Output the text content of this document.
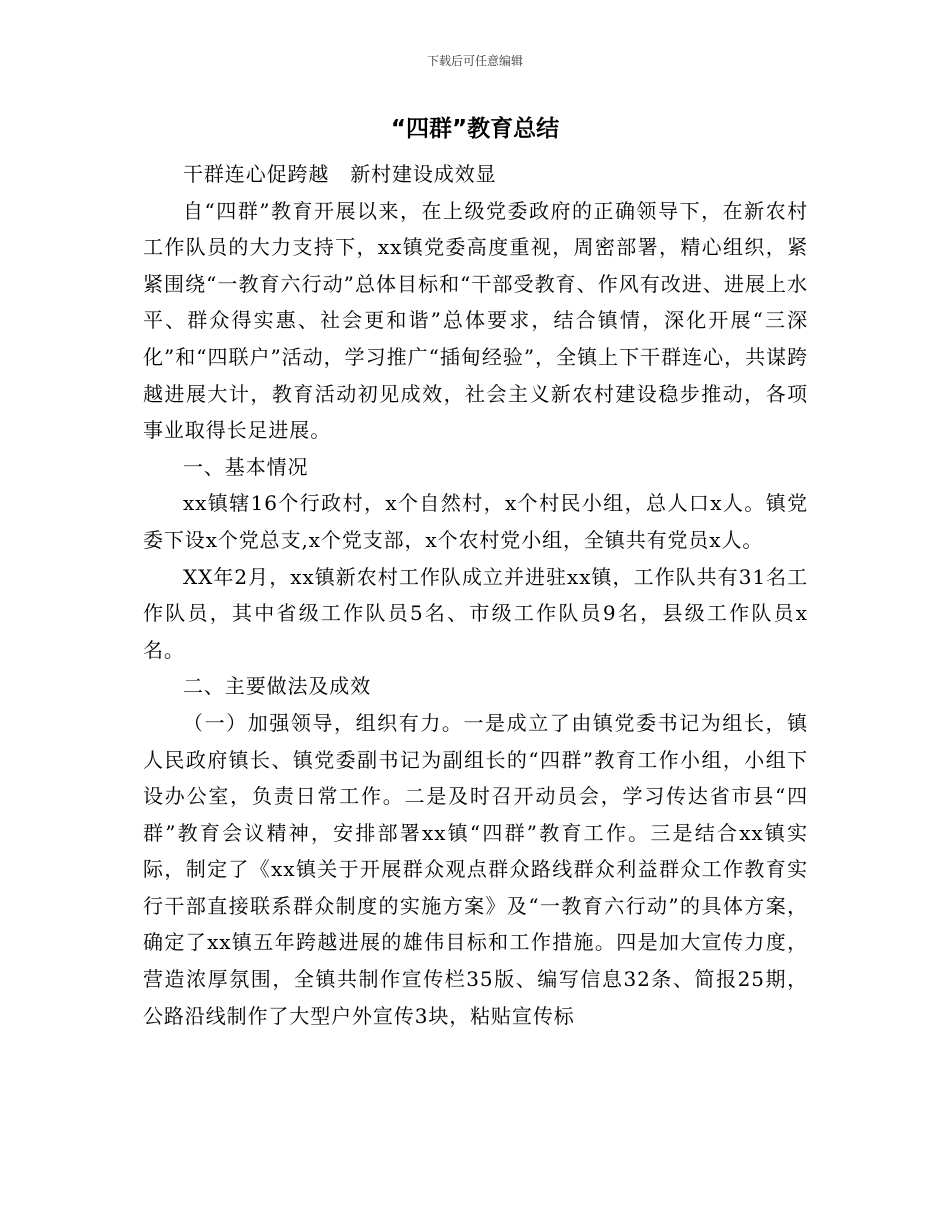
下载后可任意编辑
“四群”教育总结

干群连心促跨越　新村建设成效显

自“四群”教育开展以来，在上级党委政府的正确领导下，在新农村工作队员的大力支持下，xx镇党委高度重视，周密部署，精心组织，紧紧围绕“一教育六行动”总体目标和“干部受教育、作风有改进、进展上水平、群众得实惠、社会更和谐”总体要求，结合镇情，深化开展“三深化”和“四联户”活动，学习推广“插甸经验”，全镇上下干群连心，共谋跨越进展大计，教育活动初见成效，社会主义新农村建设稳步推动，各项事业取得长足进展。

一、基本情况

xx镇辖16个行政村，x个自然村，x个村民小组，总人口x人。镇党委下设x个党总支,x个党支部，x个农村党小组，全镇共有党员x人。

XX年2月，xx镇新农村工作队成立并进驻xx镇，工作队共有31名工作队员，其中省级工作队员5名、市级工作队员9名，县级工作队员x名。

二、主要做法及成效

（一）加强领导，组织有力。一是成立了由镇党委书记为组长，镇人民政府镇长、镇党委副书记为副组长的“四群”教育工作小组，小组下设办公室，负责日常工作。二是及时召开动员会，学习传达省市县“四群”教育会议精神，安排部署xx镇“四群”教育工作。三是结合xx镇实际，制定了《xx镇关于开展群众观点群众路线群众利益群众工作教育实行干部直接联系群众制度的实施方案》及“一教育六行动”的具体方案，确定了xx镇五年跨越进展的雄伟目标和工作措施。四是加大宣传力度，营造浓厚氛围，全镇共制作宣传栏35版、编写信息32条、简报25期，公路沿线制作了大型户外宣传3块，粘贴宣传标
